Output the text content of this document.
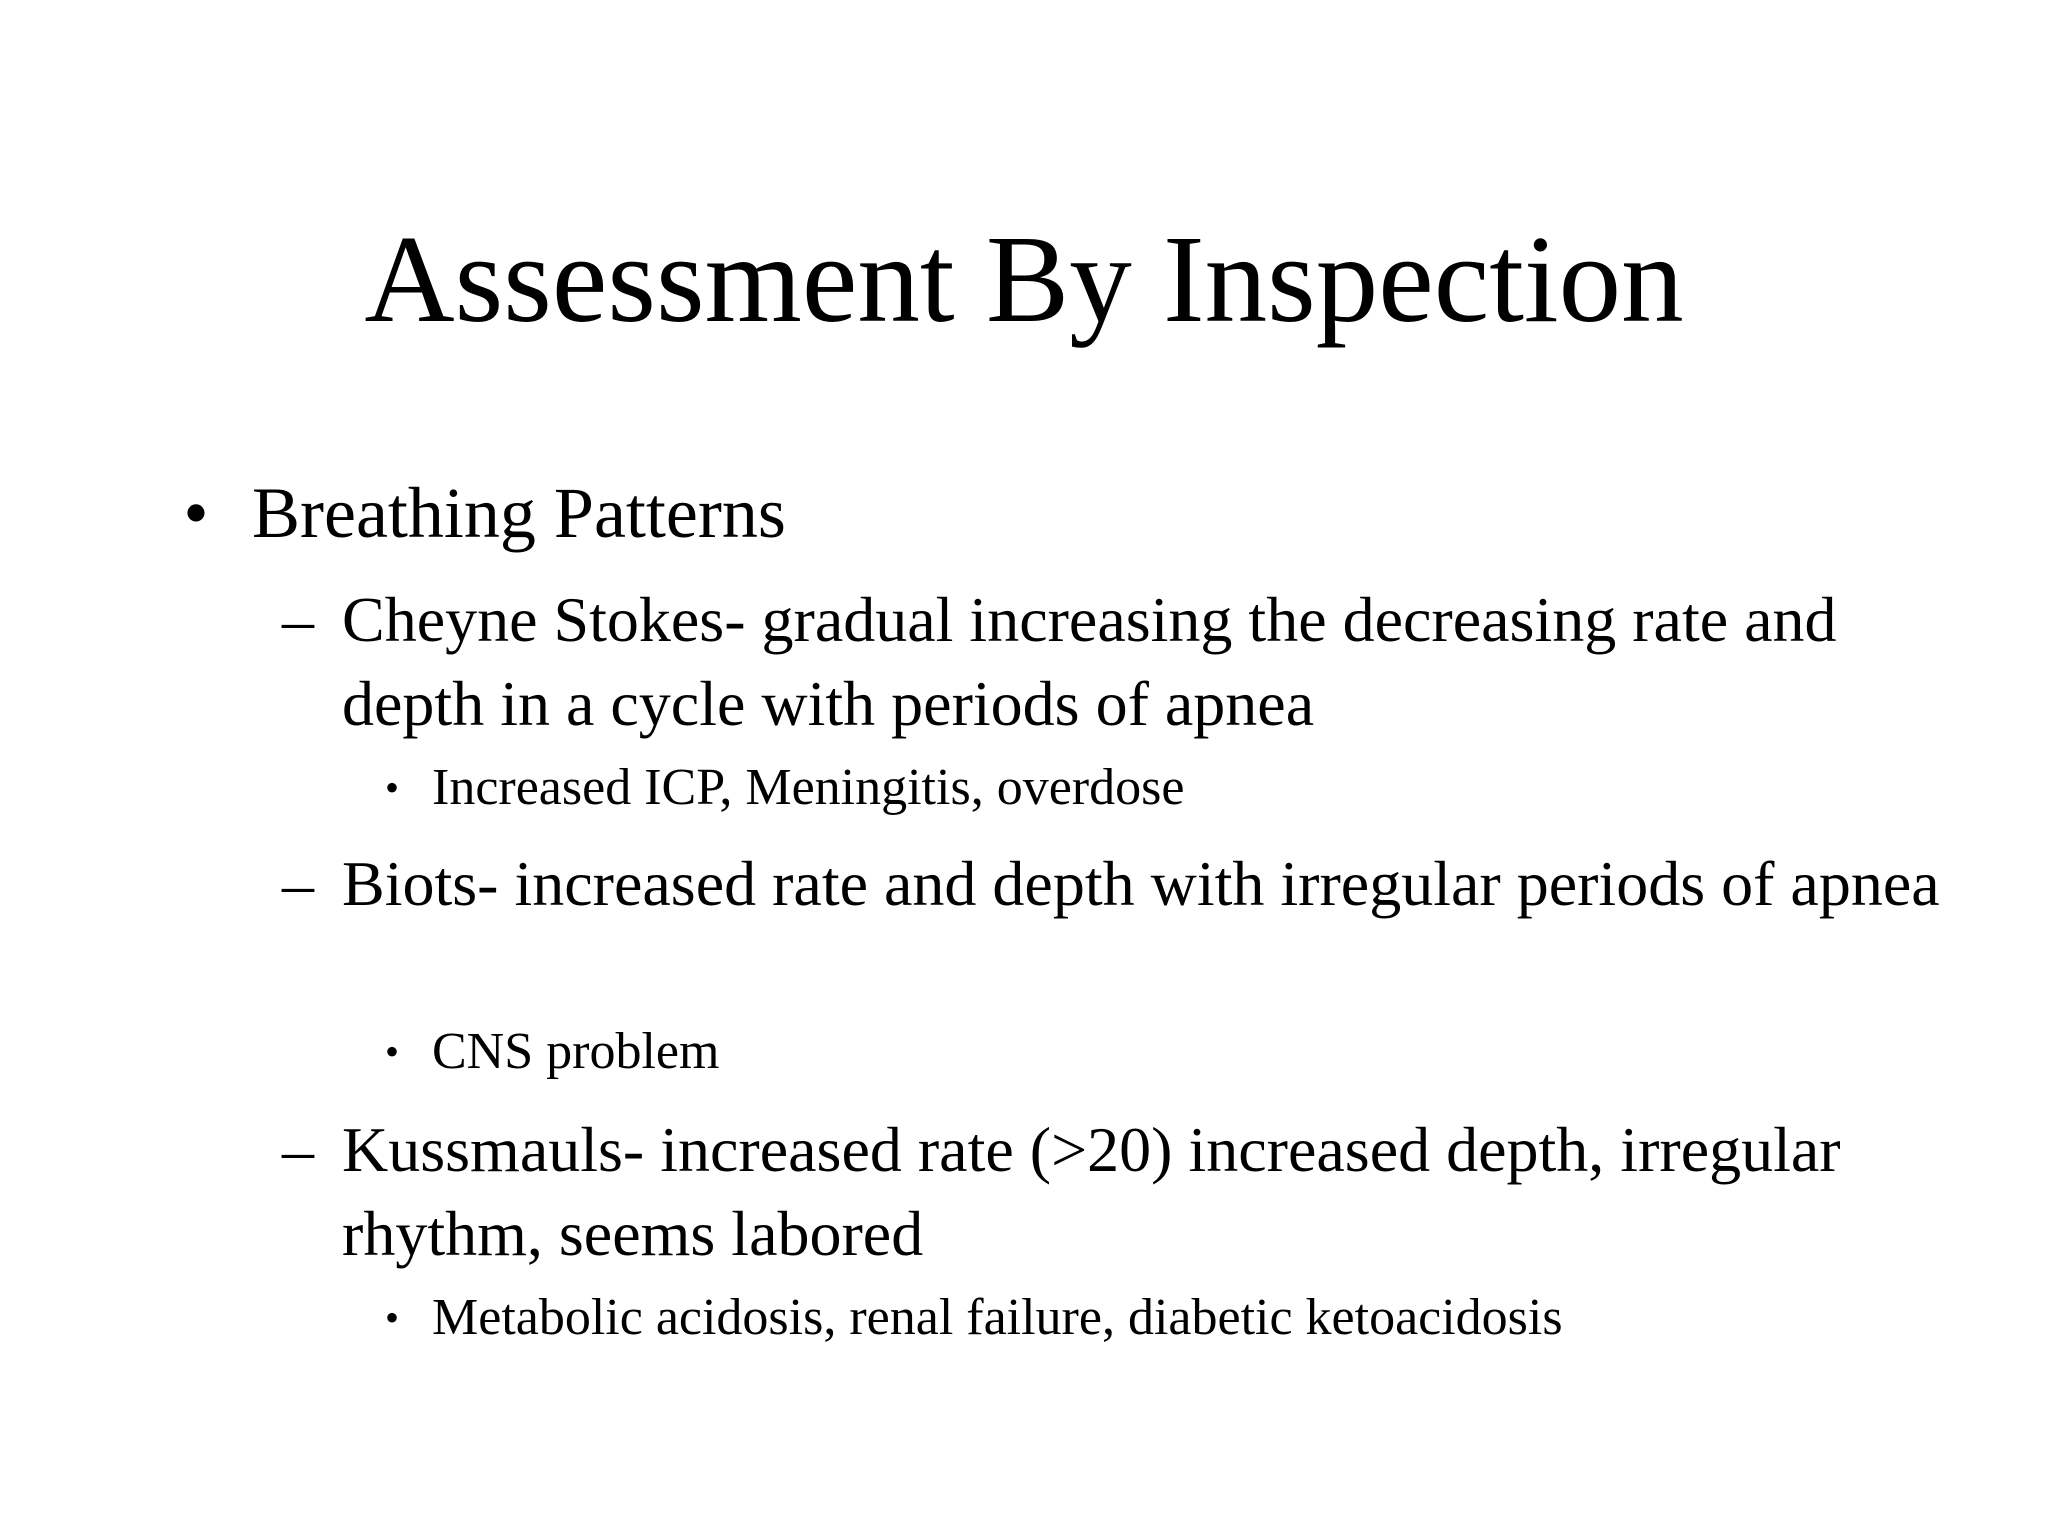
Assessment By Inspection
• Breathing Patterns
– Cheyne Stokes- gradual increasing the decreasing rate and depth in a cycle with periods of apnea
• Increased ICP, Meningitis, overdose
– Biots- increased rate and depth with irregular periods of apnea
• CNS problem
– Kussmauls- increased rate (>20) increased depth, irregular rhythm, seems labored
• Metabolic acidosis, renal failure, diabetic ketoacidosis
